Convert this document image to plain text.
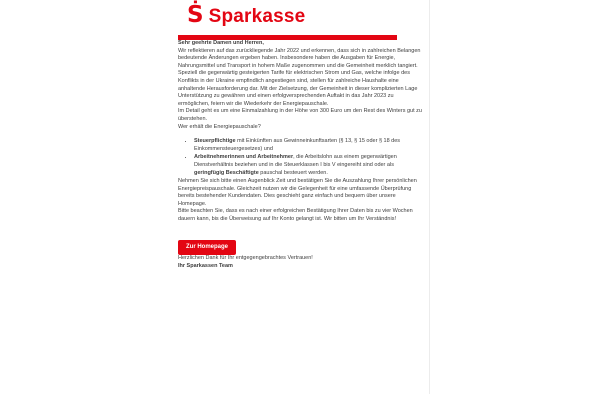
Ṡ Sparkasse

Sehr geehrte Damen und Herren,

Wir reflektieren auf das zurückliegende Jahr 2022 und erkennen, dass sich in zahlreichen Belangen bedeutende Änderungen ergeben haben. Insbesondere haben die Ausgaben für Energie, Nahrungsmittel und Transport in hohem Maße zugenommen und die Gemeinheit merklich tangiert.

Speziell die gegenwärtig gesteigerten Tarife für elektrischen Strom und Gas, welche infolge des Konflikts in der Ukraine empfindlich angestiegen sind, stellen für zahlreiche Haushalte eine anhaltende Herausforderung dar. Mit der Zielsetzung, der Gemeinheit in dieser komplizierten Lage Unterstützung zu gewähren und einen erfolgversprechenden Auftakt in das Jahr 2023 zu ermöglichen, feiern wir die Wiederkehr der Energiepauschale.

Im Detail geht es um eine Einmalzahlung in der Höhe von 300 Euro um den Rest des Winters gut zu überstehen.

Wer erhält die Energiepauschale?

• Steuerpflichtige mit Einkünften aus Gewinneinkunftsarten (§ 13, § 15 oder § 18 des Einkommensteuergesetzes) und
• Arbeitnehmerinnen und Arbeitnehmer, die Arbeitslohn aus einem gegenwärtigen Dienstverhältnis beziehen und in die Steuerklassen I bis V eingereiht sind oder als geringfügig Beschäftigte pauschal besteuert werden.

Nehmen Sie sich bitte einen Augenblick Zeit und bestätigen Sie die Auszahlung Ihrer persönlichen Energiepreispauschale. Gleichzeit nutzen wir die Gelegenheit für eine umfassende Überprüfung bereits bestehender Kundendaten. Dies geschieht ganz einfach und bequem über unsere Homepage.

Bitte beachten Sie, dass es nach einer erfolgreichen Bestätigung Ihrer Daten bis zu vier Wochen dauern kann, bis die Überweisung auf Ihr Konto gelangt ist. Wir bitten um Ihr Verständnis!

Zur Homepage

Herzlichen Dank für Ihr entgegengebrachtes Vertrauen!

Ihr Sparkassen Team
